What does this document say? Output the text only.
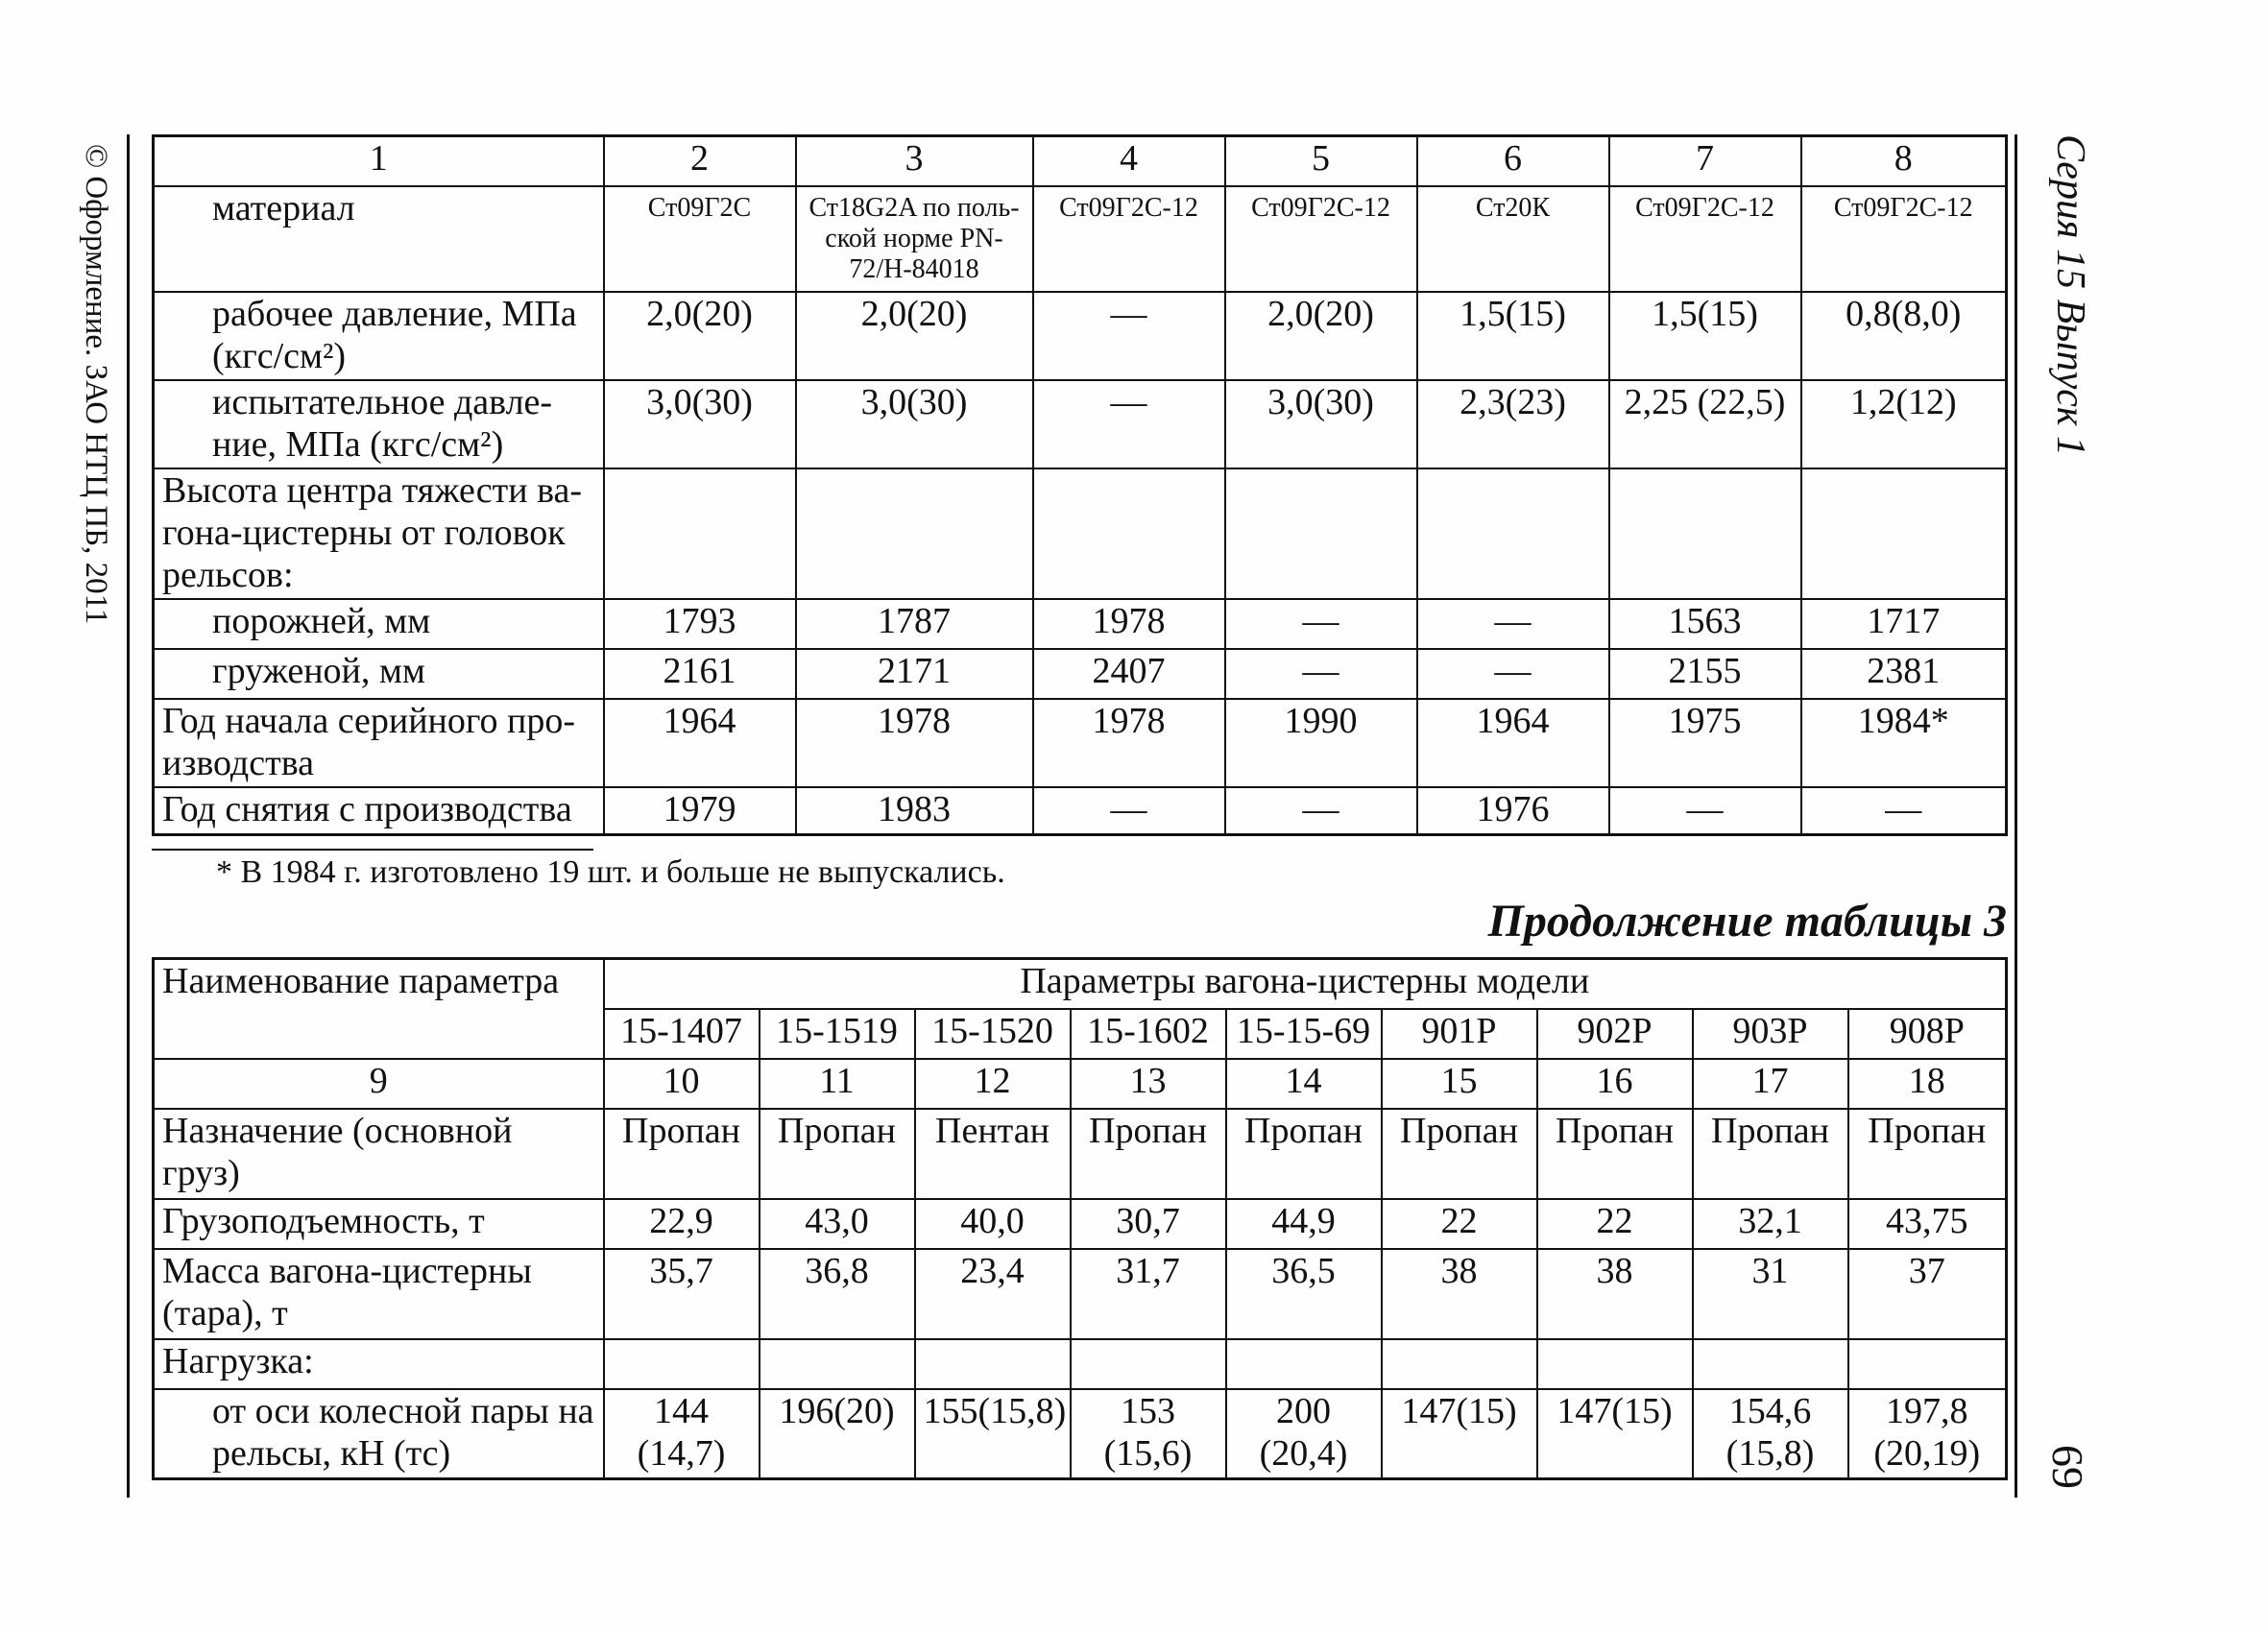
© Оформление. ЗАО НТЦ ПБ, 2011	Серия 15 Выпуск 1
69
1	2	3	4	5	6	7	8
материал	Ст09Г2С	Ст18G2A по поль-ской норме PN-72/H-84018	Ст09Г2С-12	Ст09Г2С-12	Ст20К	Ст09Г2С-12	Ст09Г2С-12
рабочее давление, МПа (кгс/см²)	2,0(20)	2,0(20)	—	2,0(20)	1,5(15)	1,5(15)	0,8(8,0)
испытательное давле-ние, МПа (кгс/см²)	3,0(30)	3,0(30)	—	3,0(30)	2,3(23)	2,25 (22,5)	1,2(12)
Высота центра тяжести ва-гона-цистерны от головок рельсов:							
порожней, мм	1793	1787	1978	—	—	1563	1717
груженой, мм	2161	2171	2407	—	—	2155	2381
Год начала серийного про-изводства	1964	1978	1978	1990	1964	1975	1984*
Год снятия с производства	1979	1983	—	—	1976	—	—
* В 1984 г. изготовлено 19 шт. и больше не выпускались.
Продолжение таблицы 3
Наименование параметра	Параметры вагона-цистерны модели								
	15-1407	15-1519	15-1520	15-1602	15-15-69	901Р	902Р	903Р	908Р
9	10	11	12	13	14	15	16	17	18
Назначение (основной груз)	Пропан	Пропан	Пентан	Пропан	Пропан	Пропан	Пропан	Пропан	Пропан
Грузоподъемность, т	22,9	43,0	40,0	30,7	44,9	22	22	32,1	43,75
Масса вагона-цистерны (тара), т	35,7	36,8	23,4	31,7	36,5	38	38	31	37
Нагрузка:									
от оси колесной пары на рельсы, кН (тс)	144 (14,7)	196(20)	155(15,8)	153 (15,6)	200 (20,4)	147(15)	147(15)	154,6 (15,8)	197,8 (20,19)
